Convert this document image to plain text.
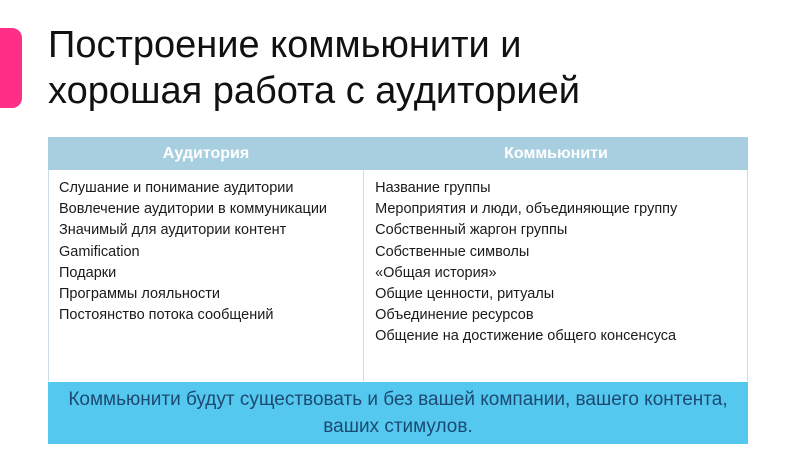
Построение коммьюнити и
хорошая работа с аудиторией
Аудитория	Коммьюнити
Слушание и понимание аудитории
Вовлечение аудитории в коммуникации
Значимый для аудитории контент
Gamification
Подарки
Программы лояльности
Постоянство потока сообщений
Название группы
Мероприятия и люди, объединяющие группу
Собственный жаргон группы
Собственные символы
«Общая история»
Общие ценности, ритуалы
Объединение ресурсов
Общение на достижение общего консенсуса
Коммьюнити будут существовать и без вашей компании, вашего контента, ваших стимулов.
